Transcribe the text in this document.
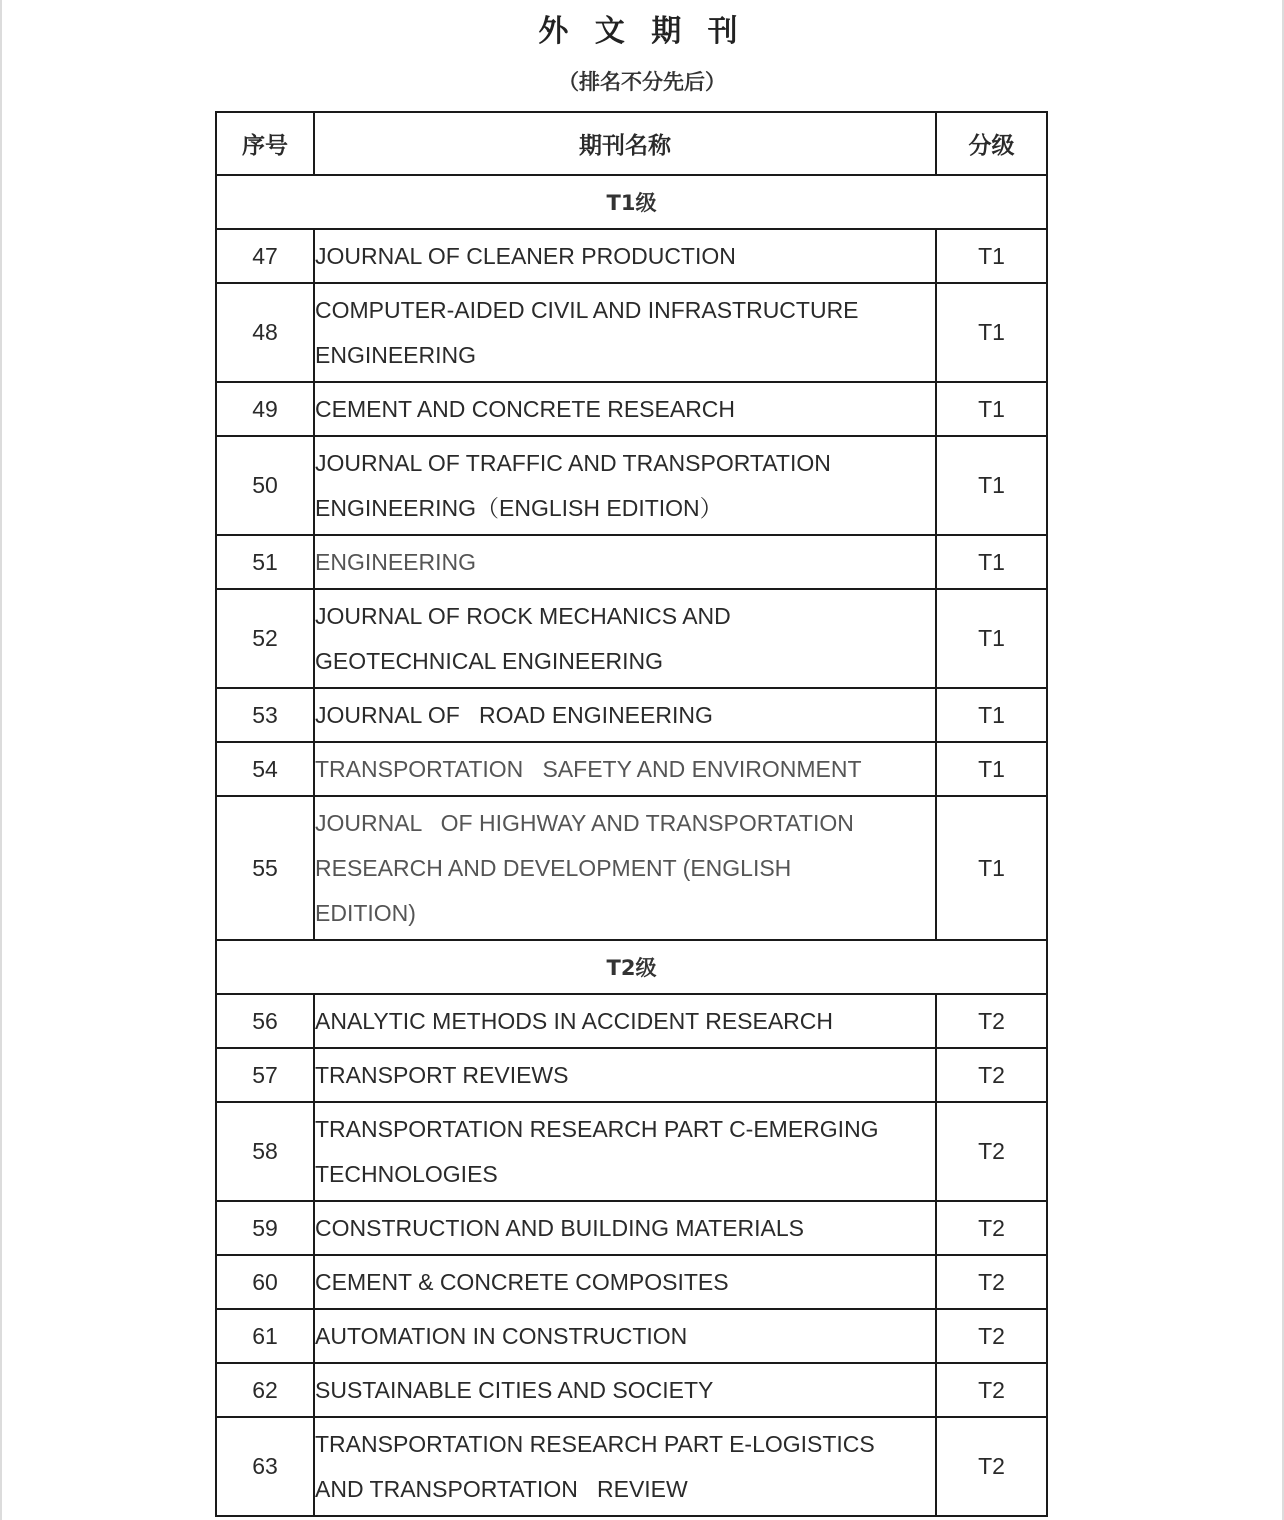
外 文 期 刊
（排名不分先后）
序号	期刊名称	分级
T1级		
47	JOURNAL OF CLEANER PRODUCTION	T1
48	COMPUTER-AIDED CIVIL AND INFRASTRUCTURE
ENGINEERING	T1
49	CEMENT AND CONCRETE RESEARCH	T1
50	JOURNAL OF TRAFFIC AND TRANSPORTATION
ENGINEERING（ENGLISH EDITION）	T1
51	ENGINEERING	T1
52	JOURNAL OF ROCK MECHANICS AND
GEOTECHNICAL ENGINEERING	T1
53	JOURNAL OF   ROAD ENGINEERING	T1
54	TRANSPORTATION   SAFETY AND ENVIRONMENT	T1
55	JOURNAL   OF HIGHWAY AND TRANSPORTATION
RESEARCH AND DEVELOPMENT (ENGLISH
EDITION)	T1
T2级		
56	ANALYTIC METHODS IN ACCIDENT RESEARCH	T2
57	TRANSPORT REVIEWS	T2
58	TRANSPORTATION RESEARCH PART C-EMERGING
TECHNOLOGIES	T2
59	CONSTRUCTION AND BUILDING MATERIALS	T2
60	CEMENT & CONCRETE COMPOSITES	T2
61	AUTOMATION IN CONSTRUCTION	T2
62	SUSTAINABLE CITIES AND SOCIETY	T2
63	TRANSPORTATION RESEARCH PART E-LOGISTICS
AND TRANSPORTATION   REVIEW	T2
